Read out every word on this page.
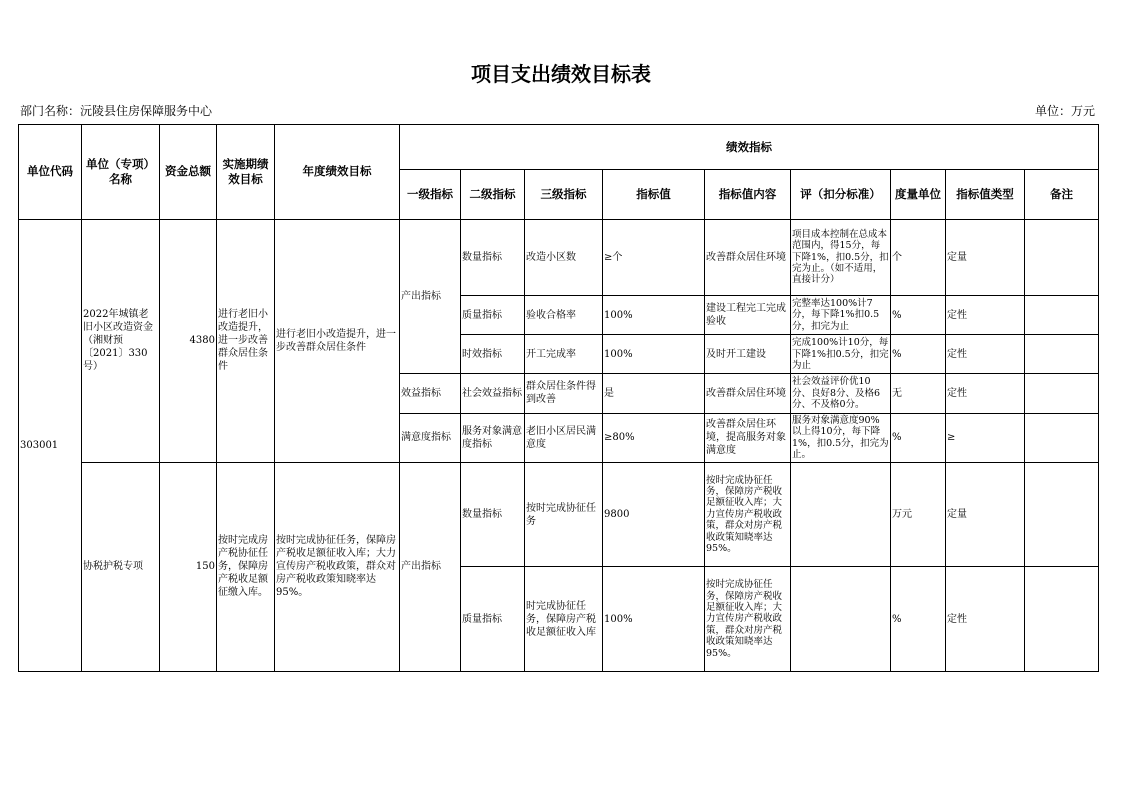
项目支出绩效目标表
部门名称：沅陵县住房保障服务中心	单位：万元
单位代码	单位（专项）名称	资金总额	实施期绩效目标	年度绩效目标	绩效指标								
					一级指标	二级指标	三级指标	指标值	指标值内容	评（扣分标准）	度量单位	指标值类型	备注
303001	2022年城镇老旧小区改造资金（湘财预〔2021〕330号）	4380	进行老旧小改造提升，进一步改善群众居住条件	进行老旧小改造提升，进一步改善群众居住条件	产出指标	数量指标	改造小区数	≥个	改善群众居住环境	项目成本控制在总成本范围内，得15分，每下降1%，扣0.5分，扣完为止。（如不适用，直接计分）	个	定量	
						质量指标	验收合格率	100%	建设工程完工完成验收	完整率达100%计7分，每下降1%扣0.5分，扣完为止	%	定性	
						时效指标	开工完成率	100%	及时开工建设	完成100%计10分，每下降1%扣0.5分，扣完为止	%	定性	
					效益指标	社会效益指标	群众居住条件得到改善	是	改善群众居住环境	社会效益评价优10分、良好8分、及格6分、不及格0分。	无	定性	
					满意度指标	服务对象满意度指标	老旧小区居民满意度	≥80%	改善群众居住环境，提高服务对象满意度	服务对象满意度90%以上得10分，每下降1%，扣0.5分，扣完为止。	%	≥	
	协税护税专项	150	按时完成房产税协征任务，保障房产税收足额征缴入库。	按时完成协征任务，保障房产税收足额征收入库；大力宣传房产税收政策，群众对房产税收政策知晓率达95%。	产出指标	数量指标	按时完成协征任务	9800	按时完成协征任务，保障房产税收足额征收入库；大力宣传房产税收政策，群众对房产税收政策知晓率达95%。		万元	定量	
						质量指标	时完成协征任务，保障房产税收足额征收入库	100%	按时完成协征任务，保障房产税收足额征收入库；大力宣传房产税收政策，群众对房产税收政策知晓率达95%。		%	定性	
